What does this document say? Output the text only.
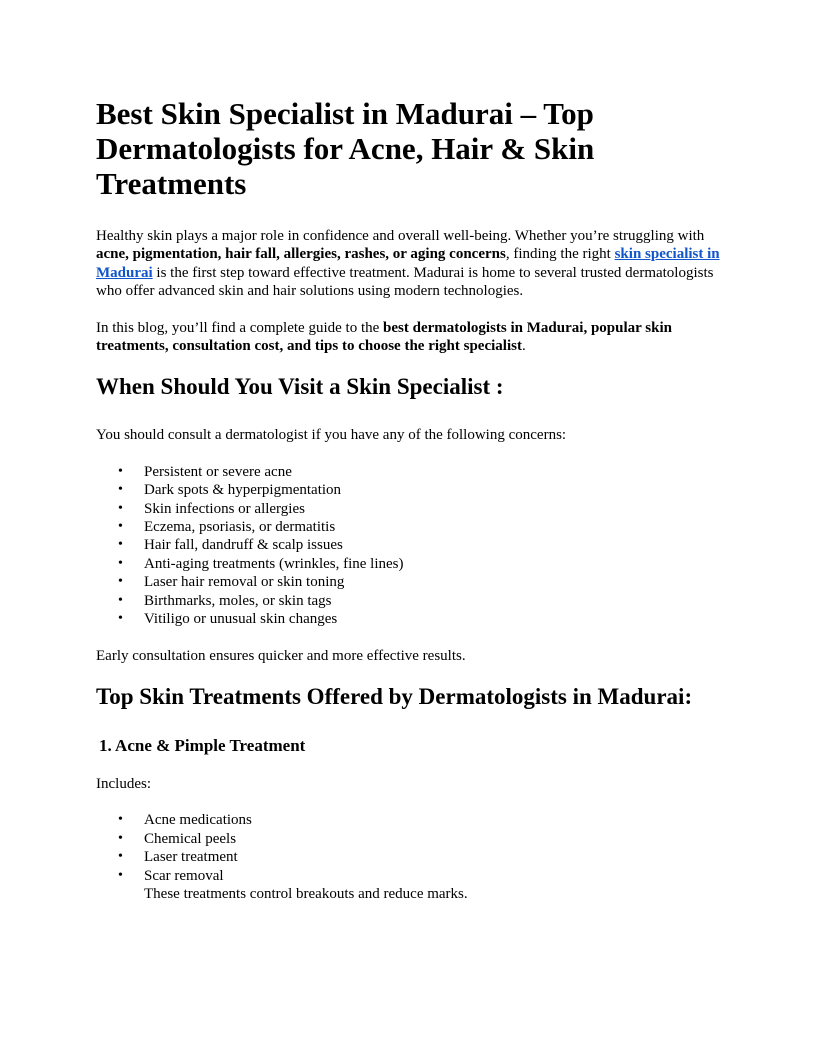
Best Skin Specialist in Madurai – Top Dermatologists for Acne, Hair & Skin Treatments

Healthy skin plays a major role in confidence and overall well-being. Whether you’re struggling with acne, pigmentation, hair fall, allergies, rashes, or aging concerns, finding the right skin specialist in Madurai is the first step toward effective treatment. Madurai is home to several trusted dermatologists who offer advanced skin and hair solutions using modern technologies.

In this blog, you’ll find a complete guide to the best dermatologists in Madurai, popular skin treatments, consultation cost, and tips to choose the right specialist.

When Should You Visit a Skin Specialist :

You should consult a dermatologist if you have any of the following concerns:

• Persistent or severe acne
• Dark spots & hyperpigmentation
• Skin infections or allergies
• Eczema, psoriasis, or dermatitis
• Hair fall, dandruff & scalp issues
• Anti-aging treatments (wrinkles, fine lines)
• Laser hair removal or skin toning
• Birthmarks, moles, or skin tags
• Vitiligo or unusual skin changes

Early consultation ensures quicker and more effective results.

Top Skin Treatments Offered by Dermatologists in Madurai:
1. Acne & Pimple Treatment

Includes:

• Acne medications
• Chemical peels
• Laser treatment
• Scar removal
These treatments control breakouts and reduce marks.
